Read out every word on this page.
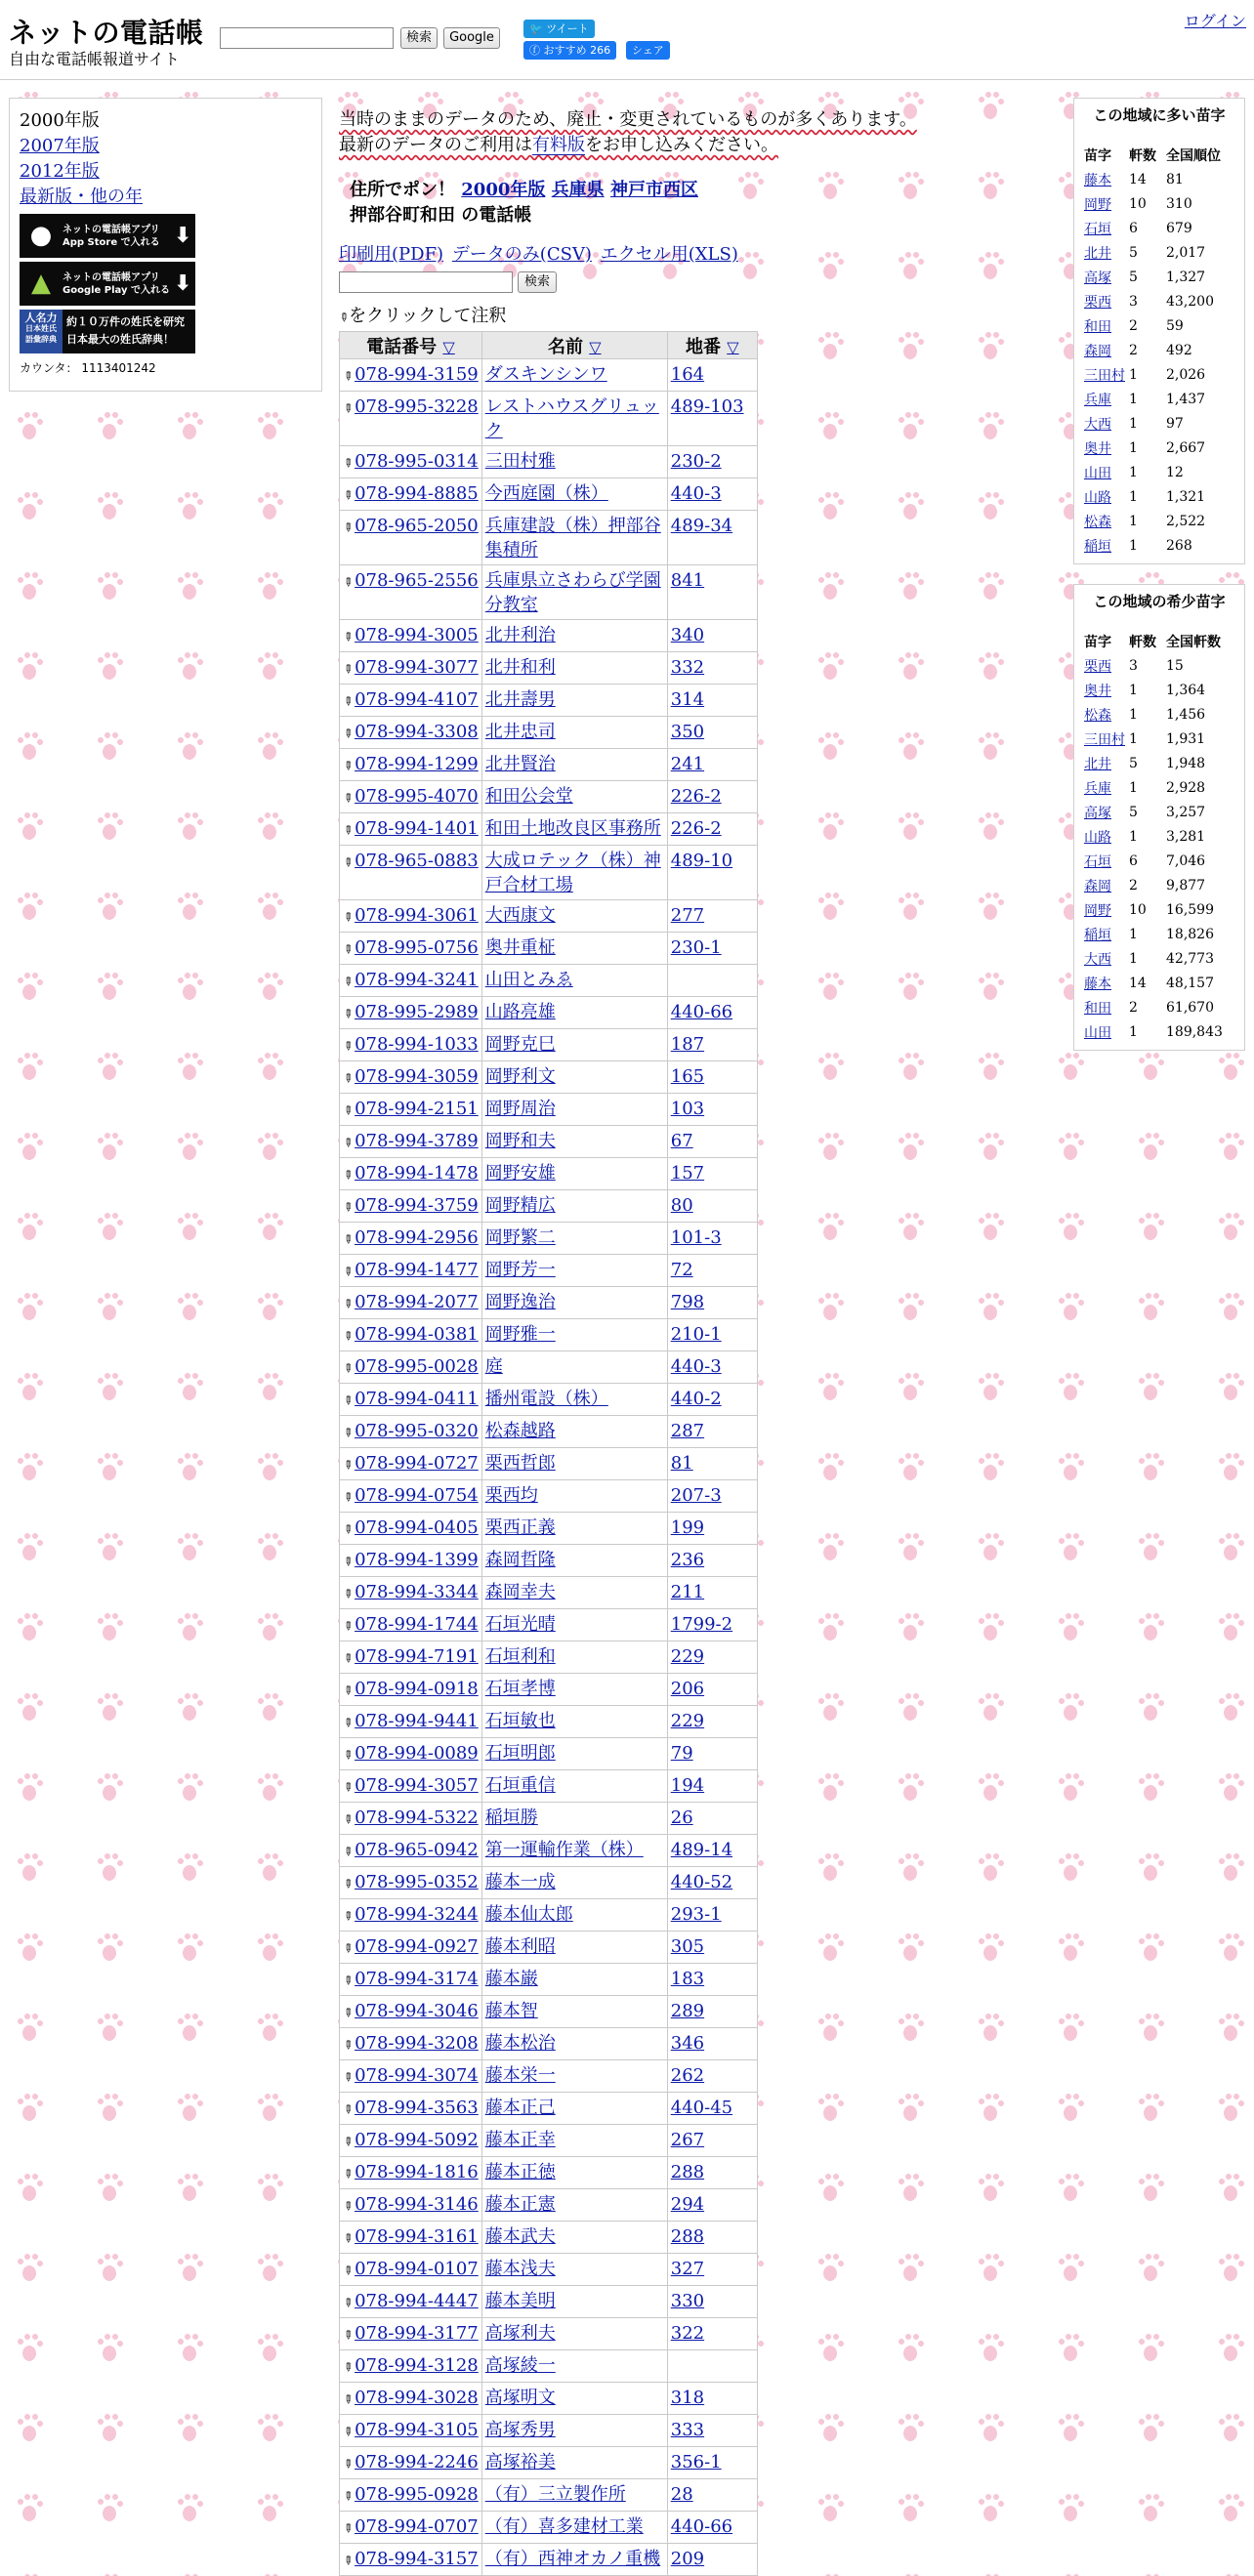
ネットの電話帳
自由な電話帳報道サイト
検索	Google
🐦 ツイート
ⓕ おすすめ 266	シェア
ログイン
2000年版
2007年版
2012年版
最新版・他の年
●	ネットの電話帳アプリ
App Store で入れる ⬇
▲	ネットの電話帳アプリ
Google Play で入れる ⬇
人名力
日本姓氏
語彙辞典
約１０万件の姓氏を研究
日本最大の姓氏辞典！
カウンタ： 1113401242
当時のままのデータのため、廃止・変更されているものが多くあります。最新のデータのご利用は有料版をお申し込みください。
住所でポン！ 2000年版 兵庫県 神戸市西区
押部谷町和田 の電話帳
印刷用(PDF) データのみ(CSV) エクセル用(XLS)
検索
✎をクリックして注釈
電話番号 ▽	名前 ▽	地番 ▽
✎078-994-3159	ダスキンシンワ	164
✎078-995-3228	レストハウスグリュック	489-103
✎078-995-0314	三田村雅	230-2
✎078-994-8885	今西庭園（株）	440-3
✎078-965-2050	兵庫建設（株）押部谷集積所	489-34
✎078-965-2556	兵庫県立さわらび学園分教室	841
✎078-994-3005	北井利治	340
✎078-994-3077	北井和利	332
✎078-994-4107	北井壽男	314
✎078-994-3308	北井忠司	350
✎078-994-1299	北井賢治	241
✎078-995-4070	和田公会堂	226-2
✎078-994-1401	和田土地改良区事務所	226-2
✎078-965-0883	大成ロテック（株）神戸合材工場	489-10
✎078-994-3061	大西康文	277
✎078-995-0756	奥井重柾	230-1
✎078-994-3241	山田とみゑ	
✎078-995-2989	山路亮雄	440-66
✎078-994-1033	岡野克巳	187
✎078-994-3059	岡野利文	165
✎078-994-2151	岡野周治	103
✎078-994-3789	岡野和夫	67
✎078-994-1478	岡野安雄	157
✎078-994-3759	岡野精広	80
✎078-994-2956	岡野繁二	101-3
✎078-994-1477	岡野芳一	72
✎078-994-2077	岡野逸治	798
✎078-994-0381	岡野雅一	210-1
✎078-995-0028	庭	440-3
✎078-994-0411	播州電設（株）	440-2
✎078-995-0320	松森越路	287
✎078-994-0727	栗西哲郎	81
✎078-994-0754	栗西均	207-3
✎078-994-0405	栗西正義	199
✎078-994-1399	森岡哲隆	236
✎078-994-3344	森岡幸夫	211
✎078-994-1744	石垣光晴	1799-2
✎078-994-7191	石垣利和	229
✎078-994-0918	石垣孝博	206
✎078-994-9441	石垣敏也	229
✎078-994-0089	石垣明郎	79
✎078-994-3057	石垣重信	194
✎078-994-5322	稲垣勝	26
✎078-965-0942	第一運輸作業（株）	489-14
✎078-995-0352	藤本一成	440-52
✎078-994-3244	藤本仙太郎	293-1
✎078-994-0927	藤本利昭	305
✎078-994-3174	藤本巌	183
✎078-994-3046	藤本智	289
✎078-994-3208	藤本松治	346
✎078-994-3074	藤本栄一	262
✎078-994-3563	藤本正己	440-45
✎078-994-5092	藤本正幸	267
✎078-994-1816	藤本正徳	288
✎078-994-3146	藤本正憲	294
✎078-994-3161	藤本武夫	288
✎078-994-0107	藤本浅夫	327
✎078-994-4447	藤本美明	330
✎078-994-3177	高塚利夫	322
✎078-994-3128	高塚綾一	
✎078-994-3028	高塚明文	318
✎078-994-3105	高塚秀男	333
✎078-994-2246	高塚裕美	356-1
✎078-995-0928	（有）三立製作所	28
✎078-994-0707	（有）喜多建材工業	440-66
✎078-994-3157	（有）西神オカノ重機	209
この地域に多い苗字
苗字	軒数	全国順位
藤本	14	81
岡野	10	310
石垣	6	679
北井	5	2,017
高塚	5	1,327
栗西	3	43,200
和田	2	59
森岡	2	492
三田村	1	2,026
兵庫	1	1,437
大西	1	97
奥井	1	2,667
山田	1	12
山路	1	1,321
松森	1	2,522
稲垣	1	268
この地域の希少苗字
苗字	軒数	全国軒数
栗西	3	15
奥井	1	1,364
松森	1	1,456
三田村	1	1,931
北井	5	1,948
兵庫	1	2,928
高塚	5	3,257
山路	1	3,281
石垣	6	7,046
森岡	2	9,877
岡野	10	16,599
稲垣	1	18,826
大西	1	42,773
藤本	14	48,157
和田	2	61,670
山田	1	189,843
